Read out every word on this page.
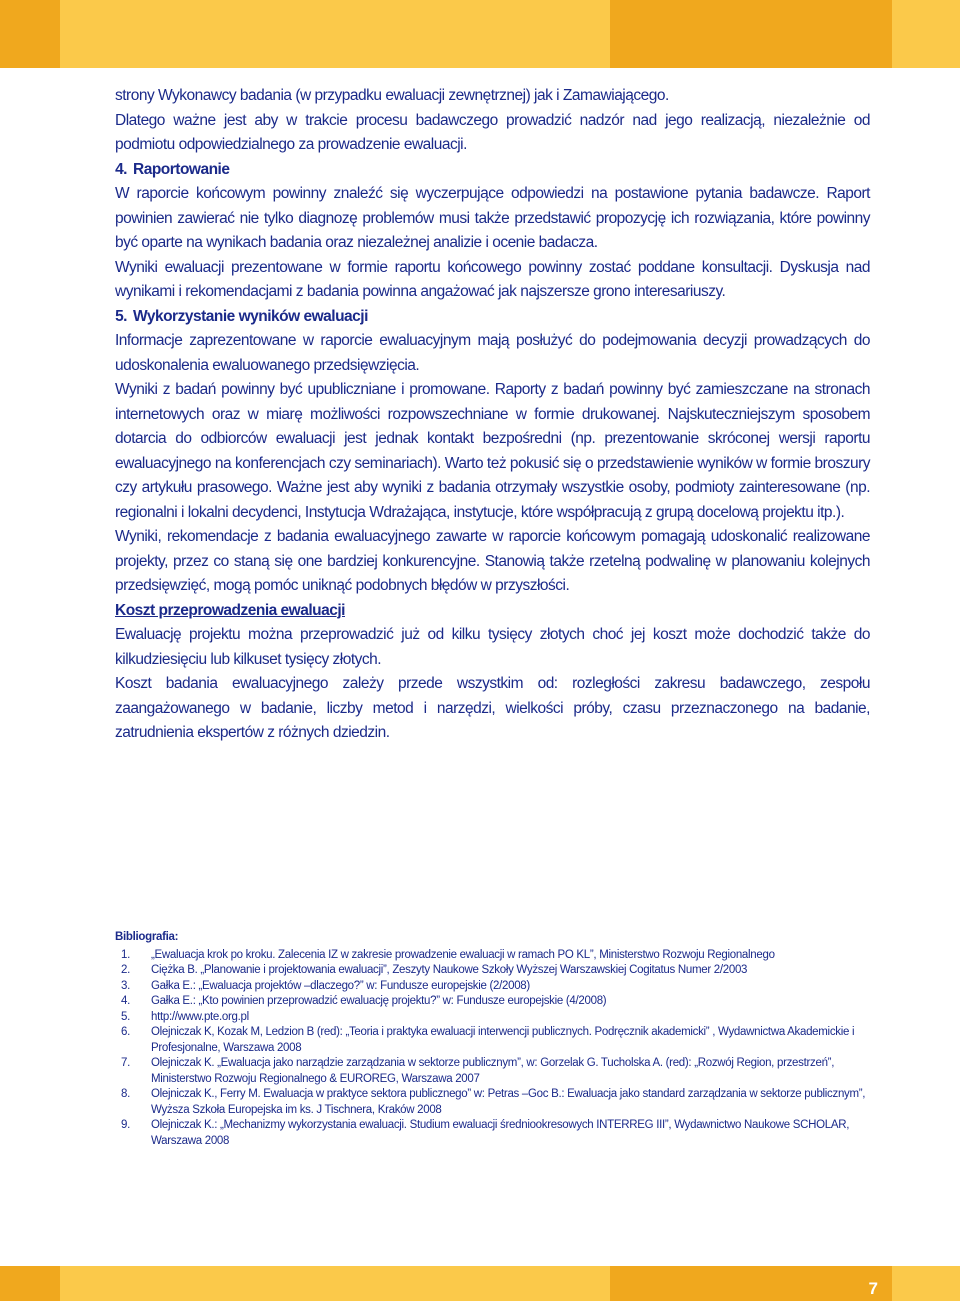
strony Wykonawcy badania (w przypadku ewaluacji zewnętrznej) jak i Zamawiającego.

Dlatego ważne jest aby w trakcie procesu badawczego prowadzić nadzór nad jego realizacją, niezależnie od podmiotu odpowiedzialnego za prowadzenie ewaluacji.

4. Raportowanie

W raporcie końcowym powinny znaleźć się wyczerpujące odpowiedzi na postawione pytania badawcze. Raport powinien zawierać nie tylko diagnozę problemów musi także przedstawić propozycję ich rozwiązania, które powinny być oparte na wynikach badania oraz niezależnej analizie i ocenie badacza.

Wyniki ewaluacji prezentowane w formie raportu końcowego powinny zostać poddane konsultacji. Dyskusja nad wynikami i rekomendacjami z badania powinna angażować jak najszersze grono interesariuszy.

5. Wykorzystanie wyników ewaluacji

Informacje zaprezentowane w raporcie ewaluacyjnym mają posłużyć do podejmowania decyzji prowadzących do udoskonalenia ewaluowanego przedsięwzięcia.

Wyniki z badań powinny być upubliczniane i promowane. Raporty z badań powinny być zamieszczane na stronach internetowych oraz w miarę możliwości rozpowszechniane w formie drukowanej. Najskuteczniejszym sposobem dotarcia do odbiorców ewaluacji jest jednak kontakt bezpośredni (np. prezentowanie skróconej wersji raportu ewaluacyjnego na konferencjach czy seminariach). Warto też pokusić się o przedstawienie wyników w formie broszury czy artykułu prasowego. Ważne jest aby wyniki z badania otrzymały wszystkie osoby, podmioty zainteresowane (np. regionalni i lokalni decydenci, Instytucja Wdrażająca, instytucje, które współpracują z grupą docelową projektu itp.).

Wyniki, rekomendacje z badania ewaluacyjnego zawarte w raporcie końcowym pomagają udoskonalić realizowane projekty, przez co staną się one bardziej konkurencyjne. Stanowią także rzetelną podwalinę w planowaniu kolejnych przedsięwzięć, mogą pomóc uniknąć podobnych błędów w przyszłości.

Koszt przeprowadzenia ewaluacji

Ewaluację projektu można przeprowadzić już od kilku tysięcy złotych choć jej koszt może dochodzić także do kilkudziesięciu lub kilkuset tysięcy złotych.

Koszt badania ewaluacyjnego zależy przede wszystkim od: rozległości zakresu badawczego, zespołu zaangażowanego w badanie, liczby metod i narzędzi, wielkości próby, czasu przeznaczonego na badanie, zatrudnienia ekspertów z różnych dziedzin.

Bibliografia:
1. „Ewaluacja krok po kroku. Zalecenia IZ w zakresie prowadzenie ewaluacji w ramach PO KL”, Ministerstwo Rozwoju Regionalnego
2. Ciężka B. „Planowanie i projektowania ewaluacji”, Zeszyty Naukowe Szkoły Wyższej Warszawskiej Cogitatus Numer 2/2003
3. Gałka E.: „Ewaluacja projektów –dlaczego?” w: Fundusze europejskie (2/2008)
4. Gałka E.: „Kto powinien przeprowadzić ewaluację projektu?” w: Fundusze europejskie (4/2008)
5. http://www.pte.org.pl
6. Olejniczak K, Kozak M, Ledzion B (red): „Teoria i praktyka ewaluacji interwencji publicznych. Podręcznik akademicki” , Wydawnictwa Akademickie i Profesjonalne, Warszawa 2008
7. Olejniczak K. „Ewaluacja jako narządzie zarządzania w sektorze publicznym”, w: Gorzelak G. Tucholska A. (red): „Rozwój Region, przestrzeń”, Ministerstwo Rozwoju Regionalnego & EUROREG, Warszawa 2007
8. Olejniczak K., Ferry M. Ewaluacja w praktyce sektora publicznego” w: Petras –Goc B.: Ewaluacja jako standard zarządzania w sektorze publicznym”, Wyższa Szkoła Europejska im ks. J Tischnera, Kraków 2008
9. Olejniczak K.: „Mechanizmy wykorzystania ewaluacji. Studium ewaluacji średniookresowych INTERREG III”, Wydawnictwo Naukowe SCHOLAR, Warszawa 2008
7
